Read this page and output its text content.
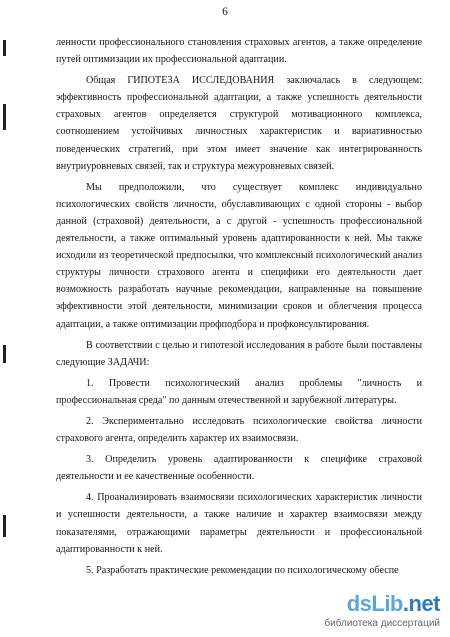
6

ленности профессионального становления страховых агентов, а также определение путей оптимизации их профессиональной адаптации.

Общая ГИПОТЕЗА ИССЛЕДОВАНИЯ заключалась в следующем: эффективность профессиональной адаптации, а также успешность деятельности страховых агентов определяется структурой мотивационного комплекса, соотношением устойчивых личностных характеристик и вариативностью поведенческих стратегий, при этом имеет значение как интегрированность внутриуровневых связей, так и структура межуровневых связей.

Мы предположили, что существует комплекс индивидуально психологических свойств личности, обуславливающих с одной стороны - выбор данной (страховой) деятельности, а с другой - успешность профессиональной деятельности, а также оптимальный уровень адаптированности к ней. Мы также исходили из теоретической предпосылки, что комплексный психологический анализ структуры личности страхового агента и специфики его деятельности дает возможность разработать научные рекомендации, направленные на повышение эффективности этой деятельности, минимизации сроков и облегчения процесса адаптации, а также оптимизации профподбора и профконсультирования.

В соответствии с целью и гипотезой исследования в работе были поставлены следующие ЗАДАЧИ:

1. Провести психологический анализ проблемы "личность и профессиональная среда" по данным отечественной и зарубежной литературы.

2. Экспериментально исследовать психологические свойства личности страхового агента, определить характер их взаимосвязи.

3. Определить уровень адаптированности к специфике страховой деятельности и ее качественные особенности.

4. Проанализировать взаимосвязи психологических характеристик личности и успешности деятельности, а также наличие и характер взаимосвязи между показателями, отражающими параметры деятельности и профессиональной адаптированности к ней.

5. Разработать практические рекомендации по психологическому обеспе

dsLib.net
библиотека диссертаций
